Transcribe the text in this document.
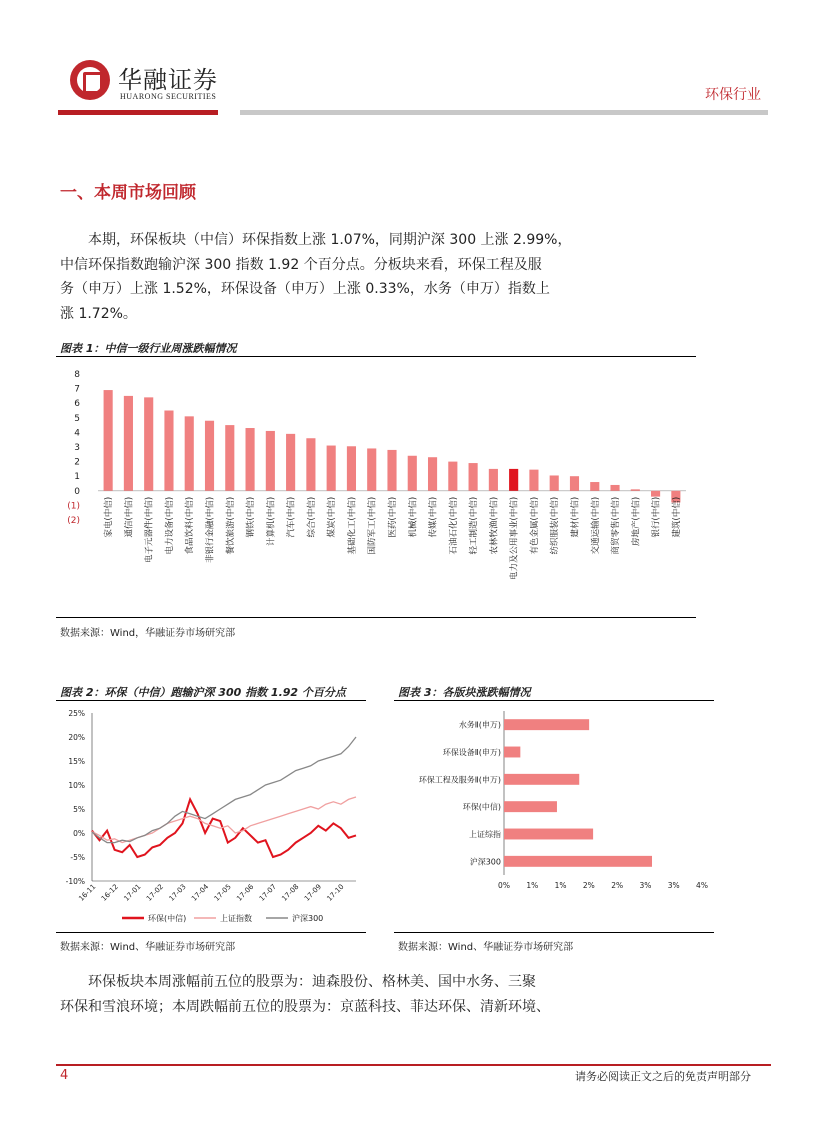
华融证券
HUARONG SECURITIES	环保行业
一、本周市场回顾
本期，环保板块（中信）环保指数上涨 1.07%，同期沪深 300 上涨 2.99%，
中信环保指数跑输沪深 300 指数 1.92 个百分点。分板块来看，环保工程及服
务（申万）上涨 1.52%，环保设备（申万）上涨 0.33%，水务（申万）指数上
涨 1.72%。
图表 1：中信一级行业周涨跌幅情况
8
7
6
5
4
3
2
1
0
(1)
(2)	家电(中信) 通信(中信) 电子元器件(中信) 电力设备(中信) 食品饮料(中信) 非银行金融(中信) 餐饮旅游(中信) 钢铁(中信) 计算机(中信) 汽车(中信) 综合(中信) 煤炭(中信) 基础化工(中信) 国防军工(中信) 医药(中信) 机械(中信) 传媒(中信) 石油石化(中信) 轻工制造(中信) 农林牧渔(中信) 电力及公用事业(中信) 有色金属(中信) 纺织服装(中信) 建材(中信) 交通运输(中信) 商贸零售(中信) 房地产(中信) 银行(中信) 建筑(中信)
数据来源：Wind，华融证券市场研究部
图表 2：环保（中信）跑输沪深 300 指数 1.92 个百分点
25%
20%
15%
10%
5%
0%
-5%
-10%
16-11 16-12 17-01 17-02 17-03 17-04 17-05 17-06 17-07 17-08 17-09 17-10
环保(中信)	上证指数	沪深300
数据来源：Wind、华融证券市场研究部
图表 3：各版块涨跌幅情况
水务Ⅱ(申万)
环保设备Ⅱ(申万)
环保工程及服务Ⅱ(申万)
环保(中信)
上证综指
沪深300
0% 1% 1% 2% 2% 3% 3% 4%
数据来源：Wind、华融证券市场研究部
环保板块本周涨幅前五位的股票为：迪森股份、格林美、国中水务、三聚
环保和雪浪环境；本周跌幅前五位的股票为：京蓝科技、菲达环保、清新环境、
4	请务必阅读正文之后的免责声明部分
